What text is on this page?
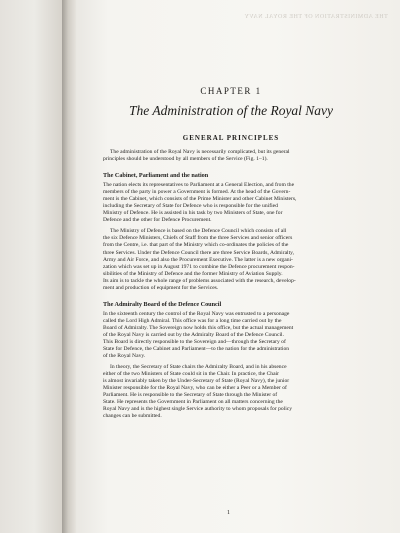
THE ADMINISTRATION OF THE ROYAL NAVY
CHAPTER 1
The Administration of the Royal Navy
GENERAL PRINCIPLES
The administration of the Royal Navy is necessarily complicated, but its general
principles should be understood by all members of the Service (Fig. 1–1).
The Cabinet, Parliament and the nation
The nation elects its representatives to Parliament at a General Election, and from the
members of the party in power a Government is formed. At the head of the Govern-
ment is the Cabinet, which consists of the Prime Minister and other Cabinet Ministers,
including the Secretary of State for Defence who is responsible for the unified
Ministry of Defence. He is assisted in his task by two Ministers of State, one for
Defence and the other for Defence Procurement.
The Ministry of Defence is based on the Defence Council which consists of all
the six Defence Ministers, Chiefs of Staff from the three Services and senior officers
from the Centre, i.e. that part of the Ministry which co-ordinates the policies of the
three Services. Under the Defence Council there are three Service Boards, Admiralty,
Army and Air Force, and also the Procurement Executive. The latter is a new organi-
zation which was set up in August 1971 to combine the Defence procurement respon-
sibilities of the Ministry of Defence and the former Ministry of Aviation Supply.
Its aim is to tackle the whole range of problems associated with the research, develop-
ment and production of equipment for the Services.
The Admiralty Board of the Defence Council
In the sixteenth century the control of the Royal Navy was entrusted to a personage
called the Lord High Admiral. This office was for a long time carried out by the
Board of Admiralty. The Sovereign now holds this office, but the actual management
of the Royal Navy is carried out by the Admiralty Board of the Defence Council.
This Board is directly responsible to the Sovereign and—through the Secretary of
State for Defence, the Cabinet and Parliament—to the nation for the administration
of the Royal Navy.
In theory, the Secretary of State chairs the Admiralty Board, and in his absence
either of the two Ministers of State could sit in the Chair. In practice, the Chair
is almost invariably taken by the Under-Secretary of State (Royal Navy), the junior
Minister responsible for the Royal Navy, who can be either a Peer or a Member of
Parliament. He is responsible to the Secretary of State through the Minister of
State. He represents the Government in Parliament on all matters concerning the
Royal Navy and is the highest single Service authority to whom proposals for policy
changes can be submitted.
1
